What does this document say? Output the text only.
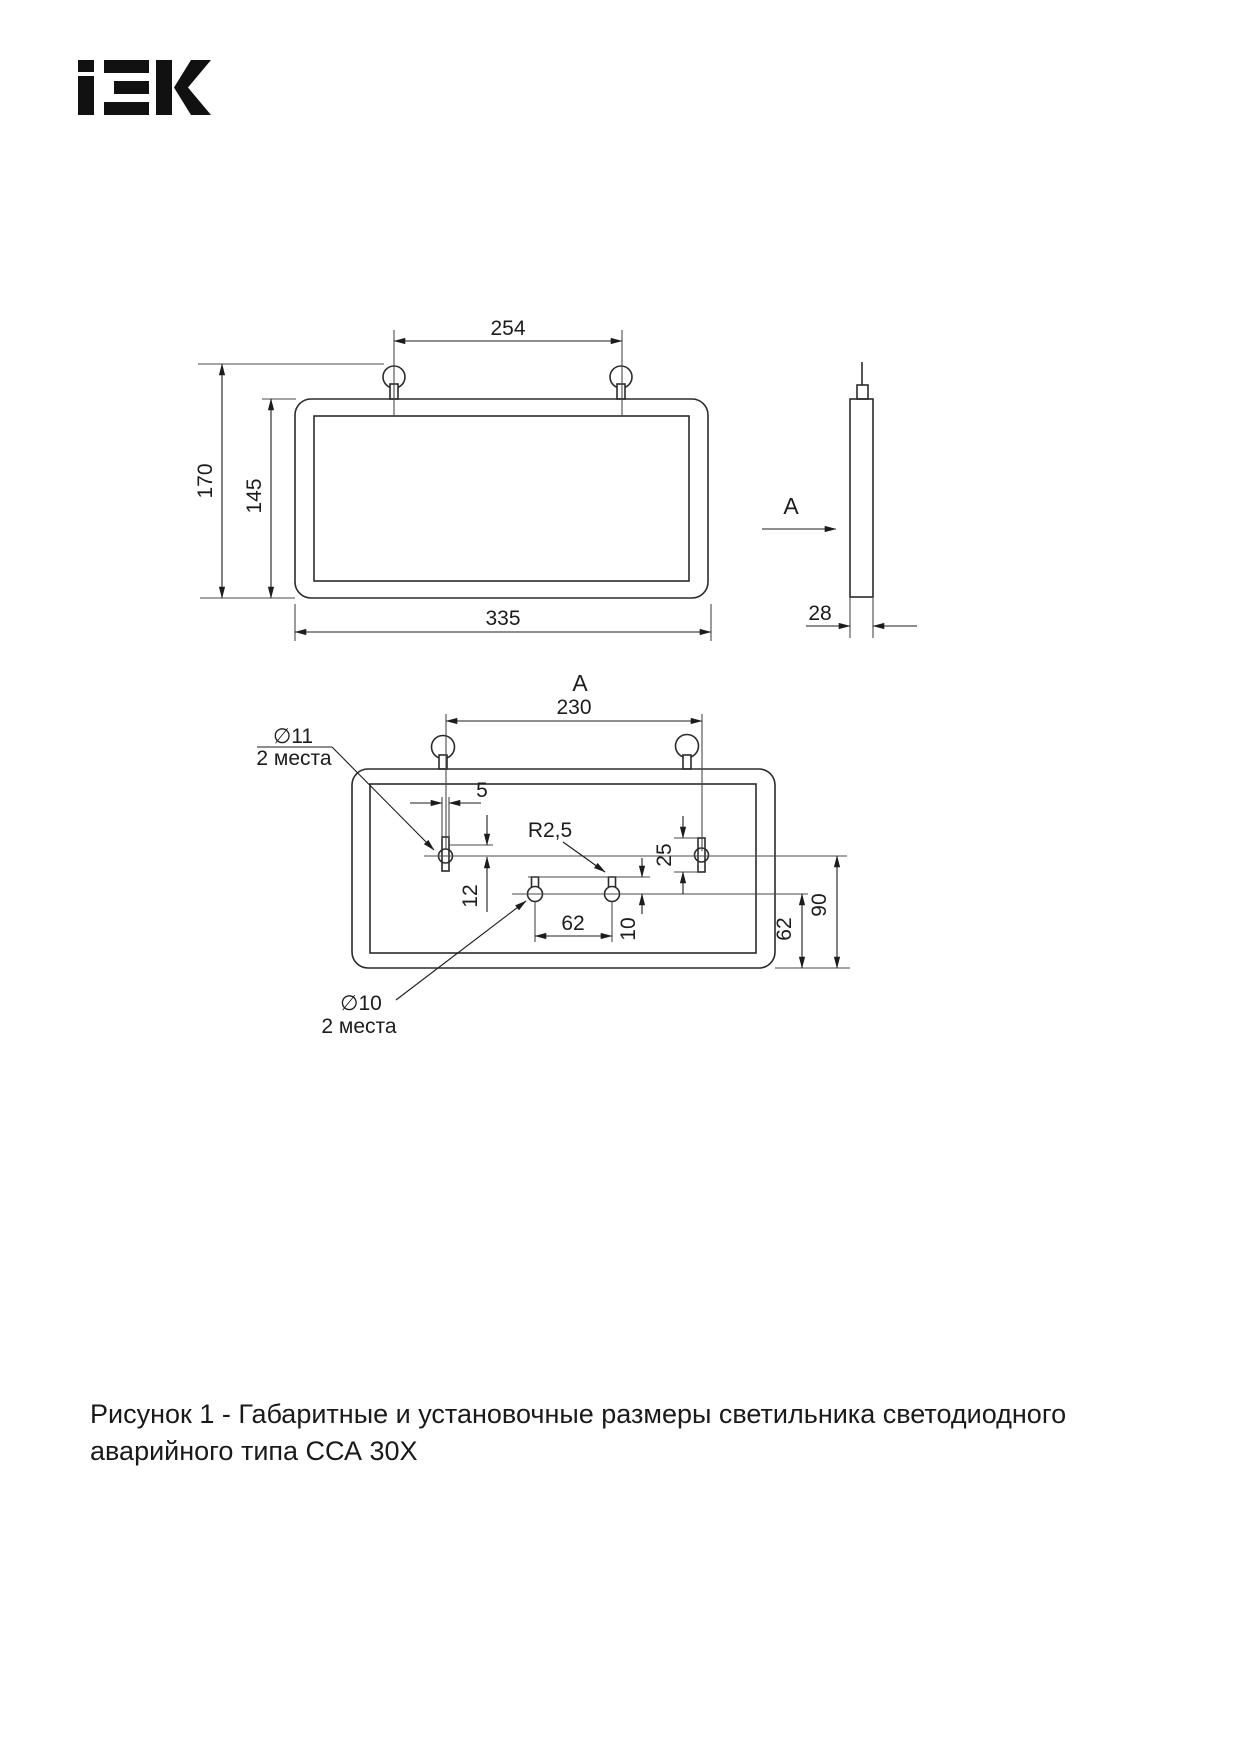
254
170 145
335	28
A
A
230
5
12
25
10
62	62
90
∅11
2 места
R2,5
∅10
2 места
Рисунок 1 - Габаритные и установочные размеры светильника светодиодного
аварийного типа ССА 30Х
